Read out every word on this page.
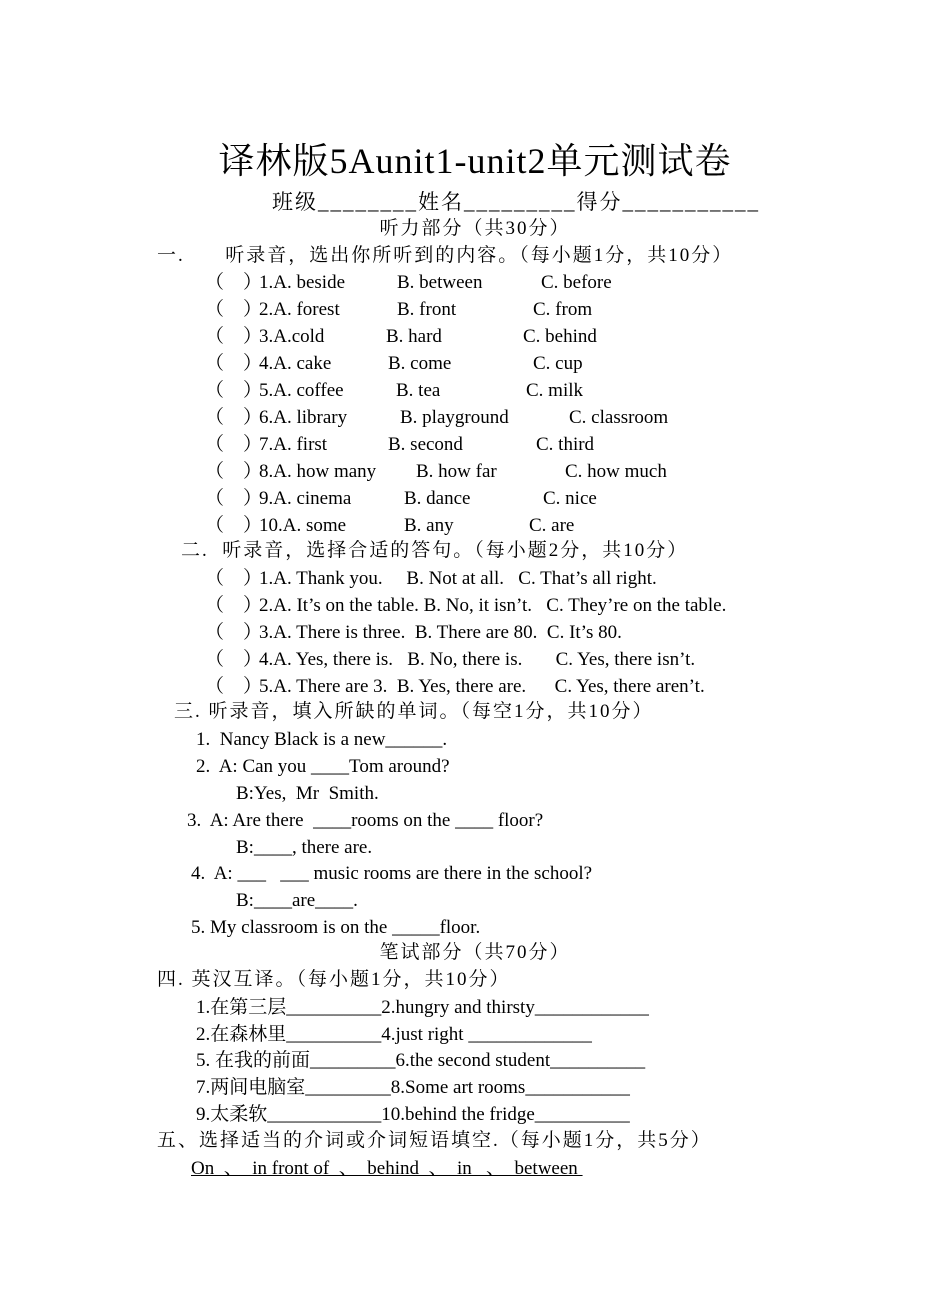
译林版5Aunit1-unit2单元测试卷
班级________姓名_________得分___________
听力部分（共30分）
一.      听录音，选出你所听到的内容。（每小题1分，共10分）
（    ）
1.A. beside	B. between	C. before
（    ）
2.A. forest	B. front	C. from
（    ）
3.A.cold	B. hard	C. behind
（    ）
4.A. cake	B. come	C. cup
（    ）
5.A. coffee	B. tea	C. milk
（    ）
6.A. library	B. playground	C. classroom
（    ）
7.A. first	B. second	C. third
（    ）
8.A. how many B. how far	C. how much
（    ）
9.A. cinema	B. dance	C. nice
（    ）
10.A. some	B. any	C. are
二.  听录音，选择合适的答句。（每小题2分，共10分）
（    ）
1.A. Thank you.     B. Not at all.   C. That’s all right.
（    ）
2.A. It’s on the table. B. No, it isn’t.   C. They’re on the table.
（    ）
3.A. There is three.  B. There are 80.  C. It’s 80.
（    ）
4.A. Yes, there is.   B. No, there is.       C. Yes, there isn’t.
（    ）
5.A. There are 3.  B. Yes, there are.      C. Yes, there aren’t.
三. 听录音，填入所缺的单词。（每空1分，共10分）
1.  Nancy Black is a new______.
2.  A: Can you ____Tom around?
B:Yes,  Mr  Smith.
3.  A: Are there  ____rooms on the ____ floor?
B:____, there are.
4.  A: ___   ___ music rooms are there in the school?
B:____are____.
5. My classroom is on the _____floor.
笔试部分（共70分）
四. 英汉互译。（每小题1分，共10分）
1.在第三层__________2.hungry and thirsty____________
2.在森林里__________4.just right _____________
5. 在我的前面_________6.the second student__________
7.两间电脑室_________8.Some art rooms___________
9.太柔软____________10.behind the fridge__________
五、选择适当的介词或介词短语填空.（每小题1分，共5分）
On  、  in front of  、  behind  、  in   、  between
